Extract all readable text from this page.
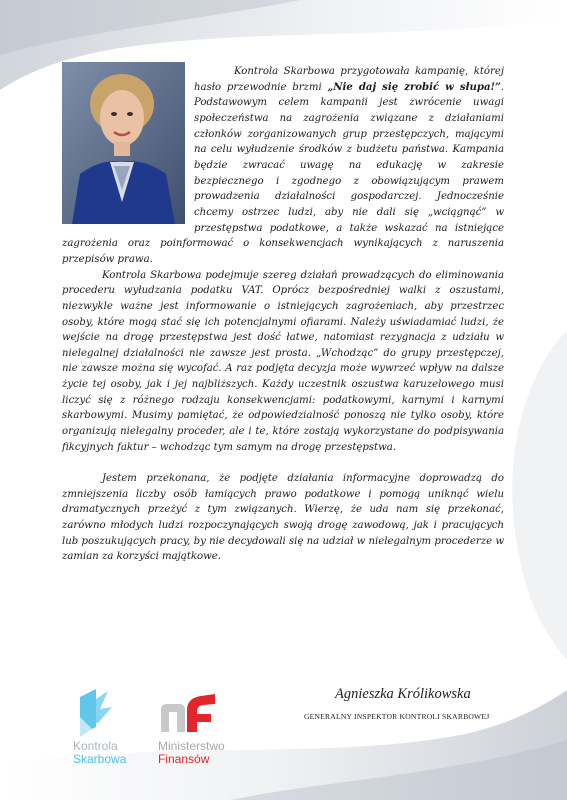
Kontrola Skarbowa przygotowała kampanię, której hasło przewodnie brzmi „Nie daj się zrobić w słupa!”. Podstawowym celem kampanii jest zwrócenie uwagi społeczeństwa na zagrożenia związane z działaniami członków zorganizowanych grup przestępczych, mającymi na celu wyłudzenie środków z budżetu państwa. Kampania będzie zwracać uwagę na edukację w zakresie bezpiecznego i zgodnego z obowiązującym prawem prowadzenia działalności gospodarczej. Jednocześnie chcemy ostrzec ludzi, aby nie dali się „wciągnąć” w przestępstwa podatkowe, a także wskazać na istniejące zagrożenia oraz poinformować o konsekwencjach wynikających z naruszenia przepisów prawa.

Kontrola Skarbowa podejmuje szereg działań prowadzących do eliminowania procederu wyłudzania podatku VAT. Oprócz bezpośredniej walki z oszustami, niezwykle ważne jest informowanie o istniejących zagrożeniach, aby przestrzec osoby, które mogą stać się ich potencjalnymi ofiarami. Należy uświadamiać ludzi, że wejście na drogę przestępstwa jest dość łatwe, natomiast rezygnacja z udziału w nielegalnej działalności nie zawsze jest prosta. „Wchodząc” do grupy przestępczej, nie zawsze można się wycofać. A raz podjęta decyzja może wywrzeć wpływ na dalsze życie tej osoby, jak i jej najbliższych. Każdy uczestnik oszustwa karuzelowego musi liczyć się z różnego rodzaju konsekwencjami: podatkowymi, karnymi i karnymi skarbowymi. Musimy pamiętać, że odpowiedzialność ponoszą nie tylko osoby, które organizują nielegalny proceder, ale i te, które zostają wykorzystane do podpisywania fikcyjnych faktur – wchodząc tym samym na drogę przestępstwa.

Jestem przekonana, że podjęte działania informacyjne doprowadzą do zmniejszenia liczby osób łamiących prawo podatkowe i pomogą uniknąć wielu dramatycznych przeżyć z tym związanych. Wierzę, że uda nam się przekonać, zarówno młodych ludzi rozpoczynających swoją drogę zawodową, jak i pracujących lub poszukujących pracy, by nie decydowali się na udział w nielegalnym procederze w zamian za korzyści majątkowe.

Agnieszka Królikowska
GENERALNY INSPEKTOR KONTROLI SKARBOWEJ
Kontrola
Skarbowa
Ministerstwo
Finansów
